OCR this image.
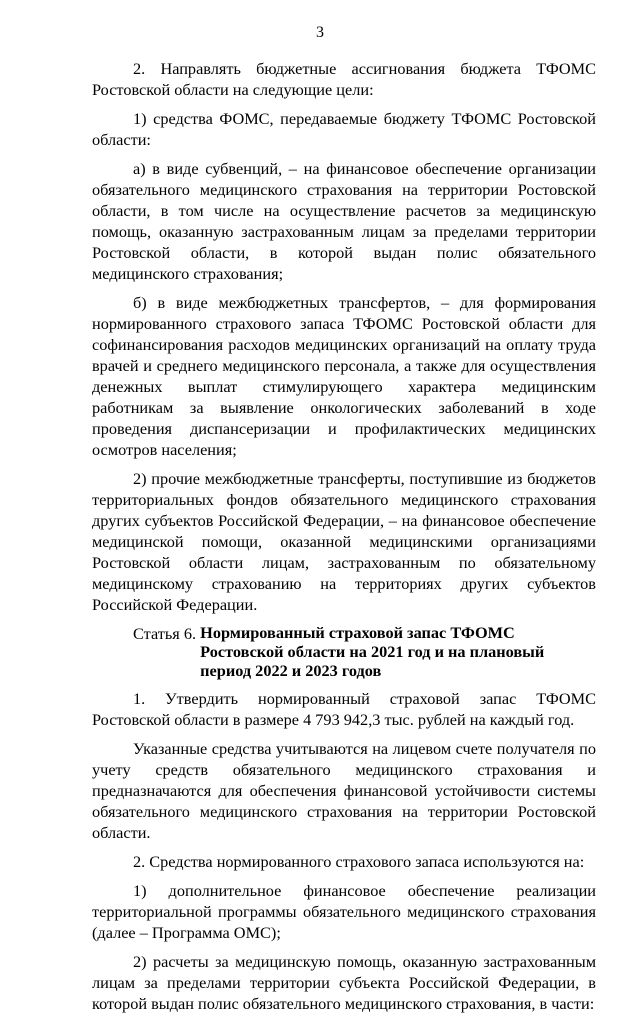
3

2. Направлять бюджетные ассигнования бюджета ТФОМС Ростовской области на следующие цели:

1) средства ФОМС, передаваемые бюджету ТФОМС Ростовской области:

а) в виде субвенций, – на финансовое обеспечение организации обязательного медицинского страхования на территории Ростовской области, в том числе на осуществление расчетов за медицинскую помощь, оказанную застрахованным лицам за пределами территории Ростовской области, в которой выдан полис обязательного медицинского страхования;

б) в виде межбюджетных трансфертов, – для формирования нормированного страхового запаса ТФОМС Ростовской области для софинансирования расходов медицинских организаций на оплату труда врачей и среднего медицинского персонала, а также для осуществления денежных выплат стимулирующего характера медицинским работникам за выявление онкологических заболеваний в ходе проведения диспансеризации и профилактических медицинских осмотров населения;

2) прочие межбюджетные трансферты, поступившие из бюджетов территориальных фондов обязательного медицинского страхования других субъектов Российской Федерации, – на финансовое обеспечение медицинской помощи, оказанной медицинскими организациями Ростовской области лицам, застрахованным по обязательному медицинскому страхованию на территориях других субъектов Российской Федерации.

Статья 6. Нормированный страховой запас ТФОМС
Ростовской области на 2021 год и на плановый
период 2022 и 2023 годов

1. Утвердить нормированный страховой запас ТФОМС Ростовской области в размере 4 793 942,3 тыс. рублей на каждый год.

Указанные средства учитываются на лицевом счете получателя по учету средств обязательного медицинского страхования и предназначаются для обеспечения финансовой устойчивости системы обязательного медицинского страхования на территории Ростовской области.

2. Средства нормированного страхового запаса используются на:

1) дополнительное финансовое обеспечение реализации территориальной программы обязательного медицинского страхования (далее – Программа ОМС);

2) расчеты за медицинскую помощь, оказанную застрахованным лицам за пределами территории субъекта Российской Федерации, в которой выдан полис обязательного медицинского страхования, в части:
